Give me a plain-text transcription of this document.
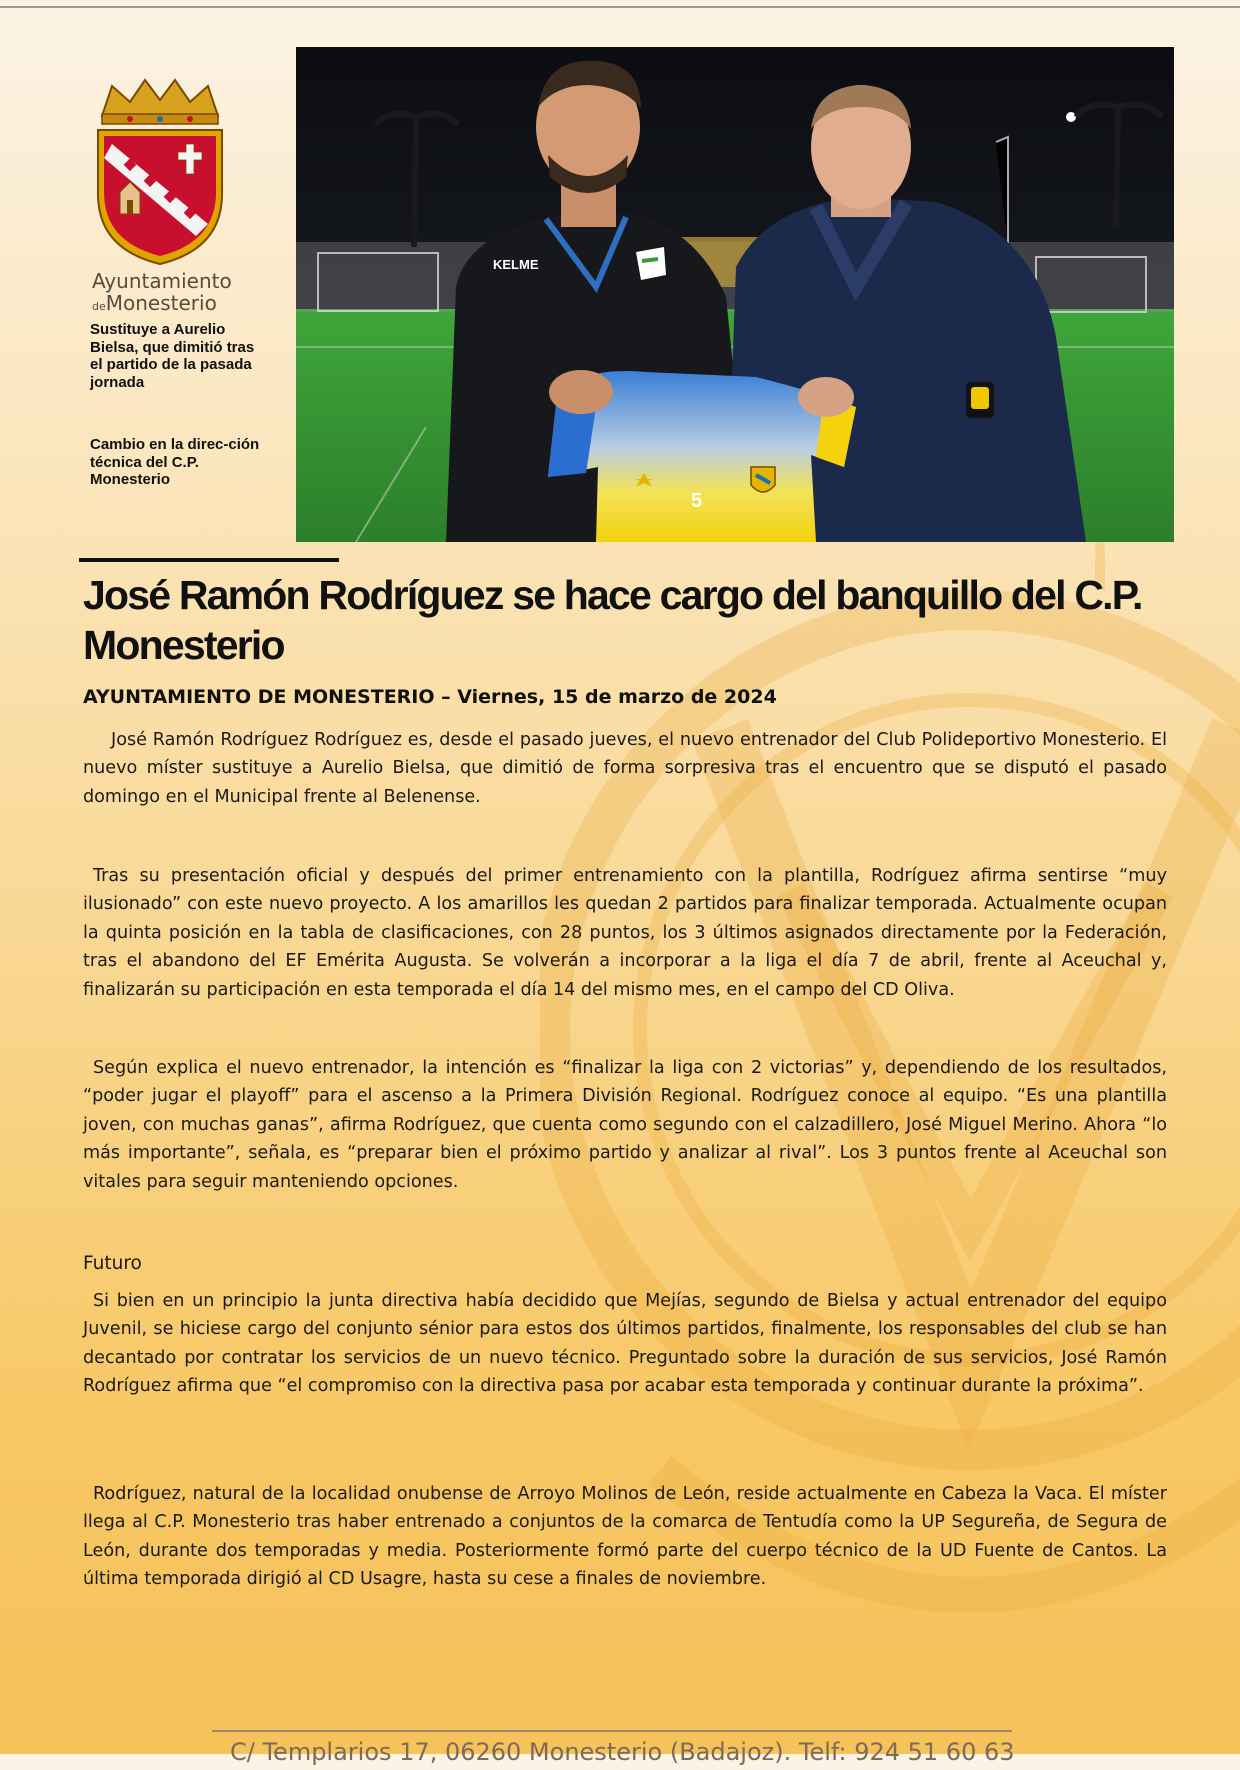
Ayuntamiento
deMonesterio

Sustituye a Aurelio Bielsa, que dimitió tras el partido de la pasada jornada

Cambio en la direc-ción técnica del C.P. Monesterio

KELME
5
José Ramón Rodríguez se hace cargo del banquillo del C.P. Monesterio

AYUNTAMIENTO DE MONESTERIO – Viernes, 15 de marzo de 2024

José Ramón Rodríguez Rodríguez es, desde el pasado jueves, el nuevo entrenador del Club Polideportivo Monesterio. El nuevo míster sustituye a Aurelio Bielsa, que dimitió de forma sorpresiva tras el encuentro que se disputó el pasado domingo en el Municipal frente al Belenense.

Tras su presentación oficial y después del primer entrenamiento con la plantilla, Rodríguez afirma sentirse “muy ilusionado” con este nuevo proyecto. A los amarillos les quedan 2 partidos para finalizar temporada. Actualmente ocupan la quinta posición en la tabla de clasificaciones, con 28 puntos, los 3 últimos asignados directamente por la Federación, tras el abandono del EF Emérita Augusta. Se volverán a incorporar a la liga el día 7 de abril, frente al Aceuchal y, finalizarán su participación en esta temporada el día 14 del mismo mes, en el campo del CD Oliva.

Según explica el nuevo entrenador, la intención es “finalizar la liga con 2 victorias” y, dependiendo de los resultados, “poder jugar el playoff” para el ascenso a la Primera División Regional. Rodríguez conoce al equipo. “Es una plantilla joven, con muchas ganas”, afirma Rodríguez, que cuenta como segundo con el calzadillero, José Miguel Merino. Ahora “lo más importante”, señala, es “preparar bien el próximo partido y analizar al rival”. Los 3 puntos frente al Aceuchal son vitales para seguir manteniendo opciones.

Futuro

Si bien en un principio la junta directiva había decidido que Mejías, segundo de Bielsa y actual entrenador del equipo Juvenil, se hiciese cargo del conjunto sénior para estos dos últimos partidos, finalmente, los responsables del club se han decantado por contratar los servicios de un nuevo técnico. Preguntado sobre la duración de sus servicios, José Ramón Rodríguez afirma que “el compromiso con la directiva pasa por acabar esta temporada y continuar durante la próxima”.

Rodríguez, natural de la localidad onubense de Arroyo Molinos de León, reside actualmente en Cabeza la Vaca. El míster llega al C.P. Monesterio tras haber entrenado a conjuntos de la comarca de Tentudía como la UP Segureña, de Segura de León, durante dos temporadas y media. Posteriormente formó parte del cuerpo técnico de la UD Fuente de Cantos. La última temporada dirigió al CD Usagre, hasta su cese a finales de noviembre.

C/ Templarios 17, 06260 Monesterio (Badajoz). Telf: 924 51 60 63
